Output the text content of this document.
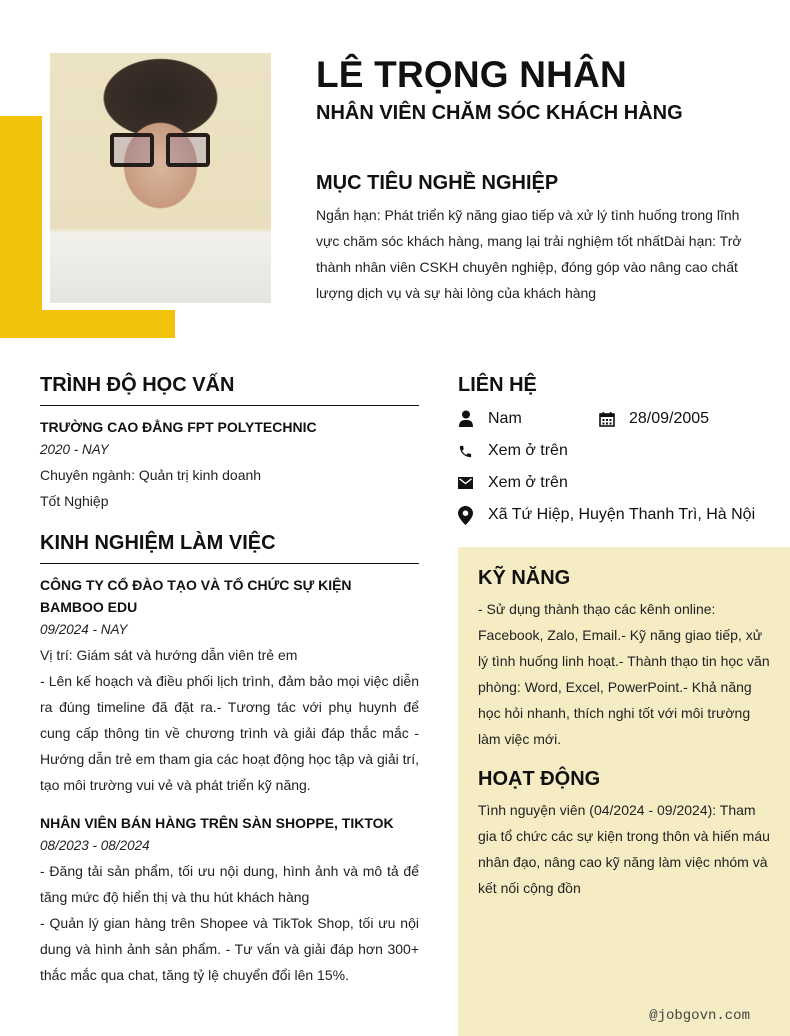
LÊ TRỌNG NHÂN
NHÂN VIÊN CHĂM SÓC KHÁCH HÀNG
MỤC TIÊU NGHỀ NGHIỆP
Ngắn hạn: Phát triển kỹ năng giao tiếp và xử lý tình huống trong lĩnh vực chăm sóc khách hàng, mang lại trải nghiệm tốt nhấtDài hạn: Trở thành nhân viên CSKH chuyên nghiệp, đóng góp vào nâng cao chất lượng dịch vụ và sự hài lòng của khách hàng
TRÌNH ĐỘ HỌC VẤN
TRƯỜNG CAO ĐẲNG FPT POLYTECHNIC
2020 - NAY
Chuyên ngành: Quản trị kinh doanh
Tốt Nghiệp
KINH NGHIỆM LÀM VIỆC
CÔNG TY CỔ ĐÀO TẠO VÀ TỔ CHỨC SỰ KIỆN BAMBOO EDU
09/2024 - NAY
Vị trí: Giám sát và hướng dẫn viên trẻ em
- Lên kế hoạch và điều phối lịch trình, đảm bảo mọi việc diễn ra đúng timeline đã đặt ra.- Tương tác với phụ huynh để cung cấp thông tin về chương trình và giải đáp thắc mắc - Hướng dẫn trẻ em tham gia các hoạt động học tập và giải trí, tạo môi trường vui vẻ và phát triển kỹ năng.
NHÂN VIÊN BÁN HÀNG TRÊN SÀN SHOPPE, TIKTOK
08/2023 - 08/2024
- Đăng tải sản phẩm, tối ưu nội dung, hình ảnh và mô tả để tăng mức độ hiển thị và thu hút khách hàng
- Quản lý gian hàng trên Shopee và TikTok Shop, tối ưu nội dung và hình ảnh sản phẩm. - Tư vấn và giải đáp hơn 300+ thắc mắc qua chat, tăng tỷ lệ chuyển đổi lên 15%.
LIÊN HỆ
Nam	28/09/2005
Xem ở trên
Xem ở trên
Xã Tứ Hiệp, Huyện Thanh Trì, Hà Nội
KỸ NĂNG
- Sử dụng thành thạo các kênh online: Facebook, Zalo, Email.- Kỹ năng giao tiếp, xử lý tình huống linh hoạt.- Thành thạo tin học văn phòng: Word, Excel, PowerPoint.- Khả năng học hỏi nhanh, thích nghi tốt với môi trường làm việc mới.
HOẠT ĐỘNG
Tình nguyện viên (04/2024 - 09/2024): Tham gia tổ chức các sự kiện trong thôn và hiến máu nhân đạo, nâng cao kỹ năng làm việc nhóm và kết nối cộng đồn
@jobgovn.com
